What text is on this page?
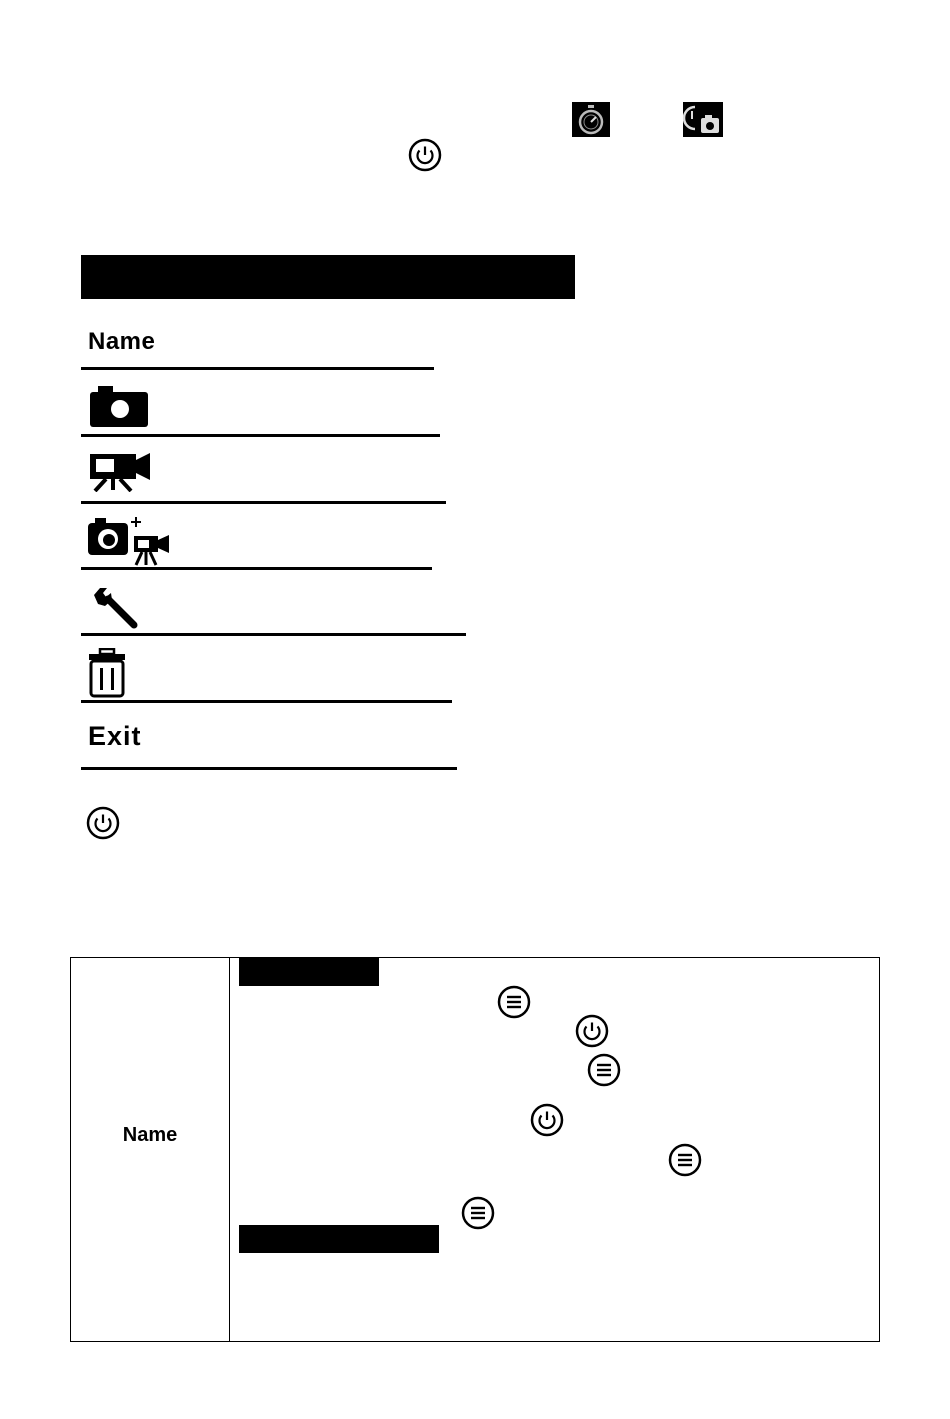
Name
Exit
Name
